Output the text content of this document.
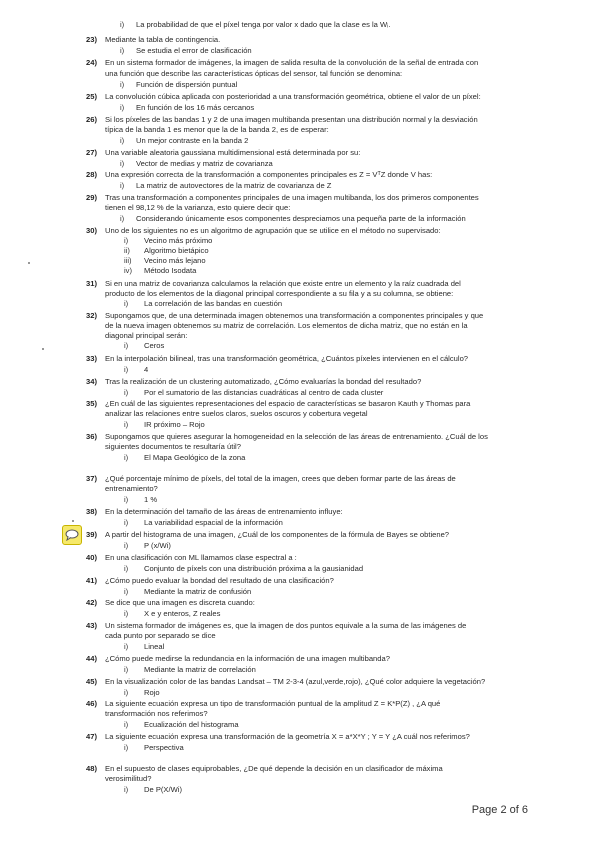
La probabilidad de que el píxel tenga por valor x dado que la clase es la Wᵢ.
23) Mediante la tabla de contingencia.
Se estudia el error de clasificación
24) En un sistema formador de imágenes, la imagen de salida resulta de la convolución de la señal de entrada con
una función que describe las características ópticas del sensor, tal función se denomina:
Función de dispersión puntual
25) La convolución cúbica aplicada con posterioridad a una transformación geométrica, obtiene el valor de un píxel:
En función de los 16 más cercanos
26) Si los píxeles de las bandas 1 y 2 de una imagen multibanda presentan una distribución normal y la desviación
típica de la banda 1 es menor que la de la banda 2, es de esperar:
Un mejor contraste en la banda 2
27) Una variable aleatoria gaussiana multidimensional está determinada por su:
Vector de medias y matriz de covarianza
28) Una expresión correcta de la transformación a componentes principales es Z = VᵀZ donde V has:
La matriz de autovectores de la matriz de covarianza de Z
29) Tras una transformación a componentes principales de una imagen multibanda, los dos primeros componentes
tienen el 98,12 % de la varianza, esto quiere decir que:
Considerando únicamente esos componentes despreciamos una pequeña parte de la información
30) Uno de los siguientes no es un algoritmo de agrupación que se utilice en el método no supervisado:
Vecino más próximo
Algoritmo bietápico
Vecino más lejano
Método Isodata
31) Si en una matriz de covarianza calculamos la relación que existe entre un elemento y la raíz cuadrada del
producto de los elementos de la diagonal principal correspondiente a su fila y a su columna, se obtiene:
La correlación de las bandas en cuestión
32) Supongamos que, de una determinada imagen obtenemos una transformación a componentes principales y que
de la nueva imagen obtenemos su matriz de correlación. Los elementos de dicha matriz, que no están en la
diagonal principal serán:
Ceros
33) En la interpolación bilineal, tras una transformación geométrica, ¿Cuántos píxeles intervienen en el cálculo?
4
34) Tras la realización de un clustering automatizado, ¿Cómo evaluarías la bondad del resultado?
Por el sumatorio de las distancias cuadráticas al centro de cada cluster
35) ¿En cuál de las siguientes representaciones del espacio de características se basaron Kauth y Thomas para
analizar las relaciones entre suelos claros, suelos oscuros y cobertura vegetal
IR próximo – Rojo
36) Supongamos que quieres asegurar la homogeneidad en la selección de las áreas de entrenamiento. ¿Cuál de los
siguientes documentos te resultaría útil?
El Mapa Geológico de la zona
37) ¿Qué porcentaje mínimo de píxels, del total de la imagen, crees que deben formar parte de las áreas de
entrenamiento?
1 %
38) En la determinación del tamaño de las áreas de entrenamiento influye:
La variabilidad espacial de la información
39) A partir del histograma de una imagen, ¿Cuál de los componentes de la fórmula de Bayes se obtiene?
P (x/Wi)
40) En una clasificación con ML llamamos clase espectral a :
Conjunto de píxels con una distribución próxima a la gausianidad
41) ¿Cómo puedo evaluar la bondad del resultado de una clasificación?
Mediante la matriz de confusión
42) Se dice que una imagen es discreta cuando:
X e y enteros, Z reales
43) Un sistema formador de imágenes es, que la imagen de dos puntos equivale a la suma de las imágenes de
cada punto por separado se dice
Lineal
44) ¿Cómo puede medirse la redundancia en la información de una imagen multibanda?
Mediante la matriz de correlación
45) En la visualización color de las bandas Landsat – TM 2-3-4 (azul,verde,rojo), ¿Qué color adquiere la vegetación?
Rojo
46) La siguiente ecuación expresa un tipo de transformación puntual de la amplitud Z = K*P(Z) , ¿A qué
transformación nos referimos?
Ecualización del histograma
47) La siguiente ecuación expresa una transformación de la geometría X = a*X*Y ; Y = Y ¿A cuál nos referimos?
Perspectiva
48) En el supuesto de clases equiprobables, ¿De qué depende la decisión en un clasificador de máxima
verosimilitud?
De P(X/Wi)
i)
i)
i)
i)
i)
i)
i)
i)
i)
ii)
iii)
iv)
i)
i)
i)
i)
i)
i)
i)
i)
i)
i)
i)
i)
i)
i)
i)
i)
i)
i)
Page 2 of 6
